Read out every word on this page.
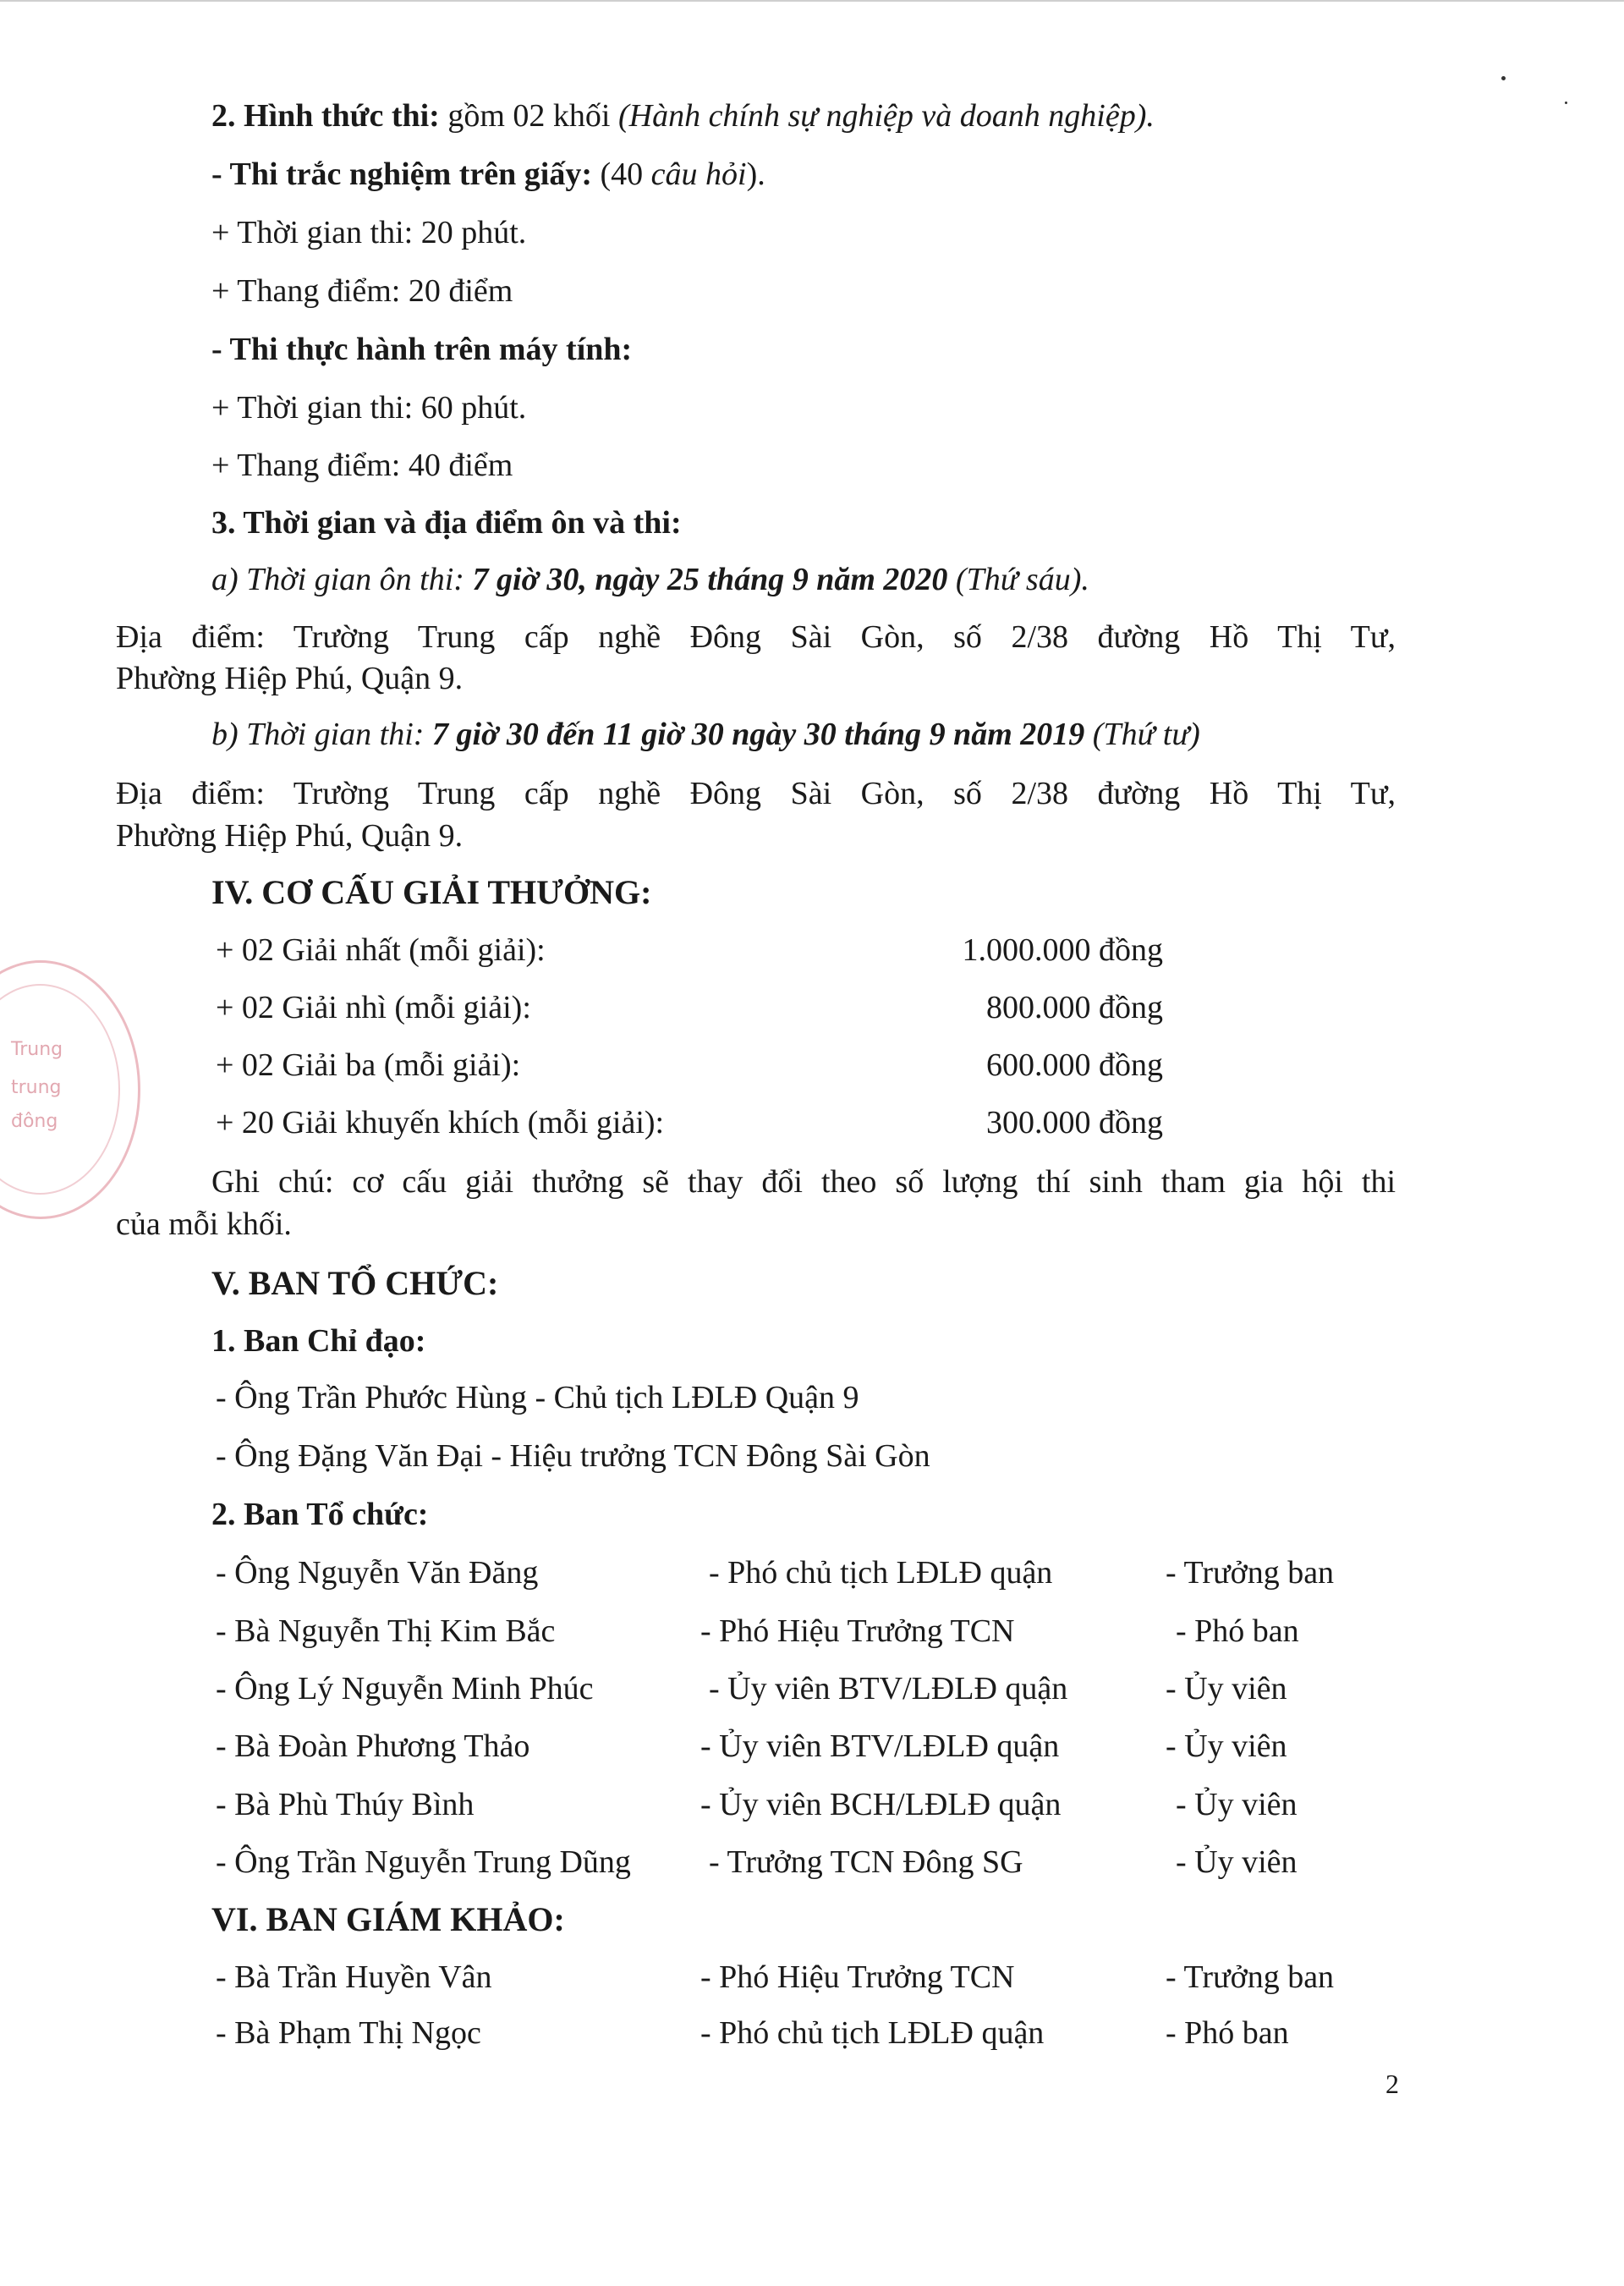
Trung
trung
đông
2. Hình thức thi: gồm 02 khối (Hành chính sự nghiệp và doanh nghiệp).
- Thi trắc nghiệm trên giấy: (40 câu hỏi).
+ Thời gian thi: 20 phút.
+ Thang điểm: 20 điểm
- Thi thực hành trên máy tính:
+ Thời gian thi: 60 phút.
+ Thang điểm: 40 điểm
3. Thời gian và địa điểm ôn và thi:
a) Thời gian ôn thi: 7 giờ 30, ngày 25 tháng 9 năm 2020 (Thứ sáu).
Địa điểm: Trường Trung cấp nghề Đông Sài Gòn, số 2/38 đường Hồ Thị Tư,
Phường Hiệp Phú, Quận 9.
b) Thời gian thi: 7 giờ 30 đến 11 giờ 30 ngày 30 tháng 9 năm 2019 (Thứ tư)
Địa điểm: Trường Trung cấp nghề Đông Sài Gòn, số 2/38 đường Hồ Thị Tư,
Phường Hiệp Phú, Quận 9.
IV. CƠ CẤU GIẢI THƯỞNG:
+ 02 Giải nhất (mỗi giải):	1.000.000 đồng
+ 02 Giải nhì (mỗi giải):	800.000 đồng
+ 02 Giải ba (mỗi giải):	600.000 đồng
+ 20 Giải khuyến khích (mỗi giải):	300.000 đồng
Ghi chú: cơ cấu giải thưởng sẽ thay đổi theo số lượng thí sinh tham gia hội thi
của mỗi khối.
V. BAN TỔ CHỨC:
1. Ban Chỉ đạo:
- Ông Trần Phước Hùng - Chủ tịch LĐLĐ Quận 9
- Ông Đặng Văn Đại - Hiệu trưởng TCN Đông Sài Gòn
2. Ban Tổ chức:
- Ông Nguyễn Văn Đăng	- Phó chủ tịch LĐLĐ quận	- Trưởng ban
- Bà Nguyễn Thị Kim Bắc	- Phó Hiệu Trưởng TCN	- Phó ban
- Ông Lý Nguyễn Minh Phúc	- Ủy viên BTV/LĐLĐ quận	- Ủy viên
- Bà Đoàn Phương Thảo	- Ủy viên BTV/LĐLĐ quận	- Ủy viên
- Bà Phù Thúy Bình	- Ủy viên BCH/LĐLĐ quận	- Ủy viên
- Ông Trần Nguyễn Trung Dũng - Trưởng TCN Đông SG	- Ủy viên
VI. BAN GIÁM KHẢO:
- Bà Trần Huyền Vân	- Phó Hiệu Trưởng TCN	- Trưởng ban
- Bà Phạm Thị Ngọc	- Phó chủ tịch LĐLĐ quận	- Phó ban
2
